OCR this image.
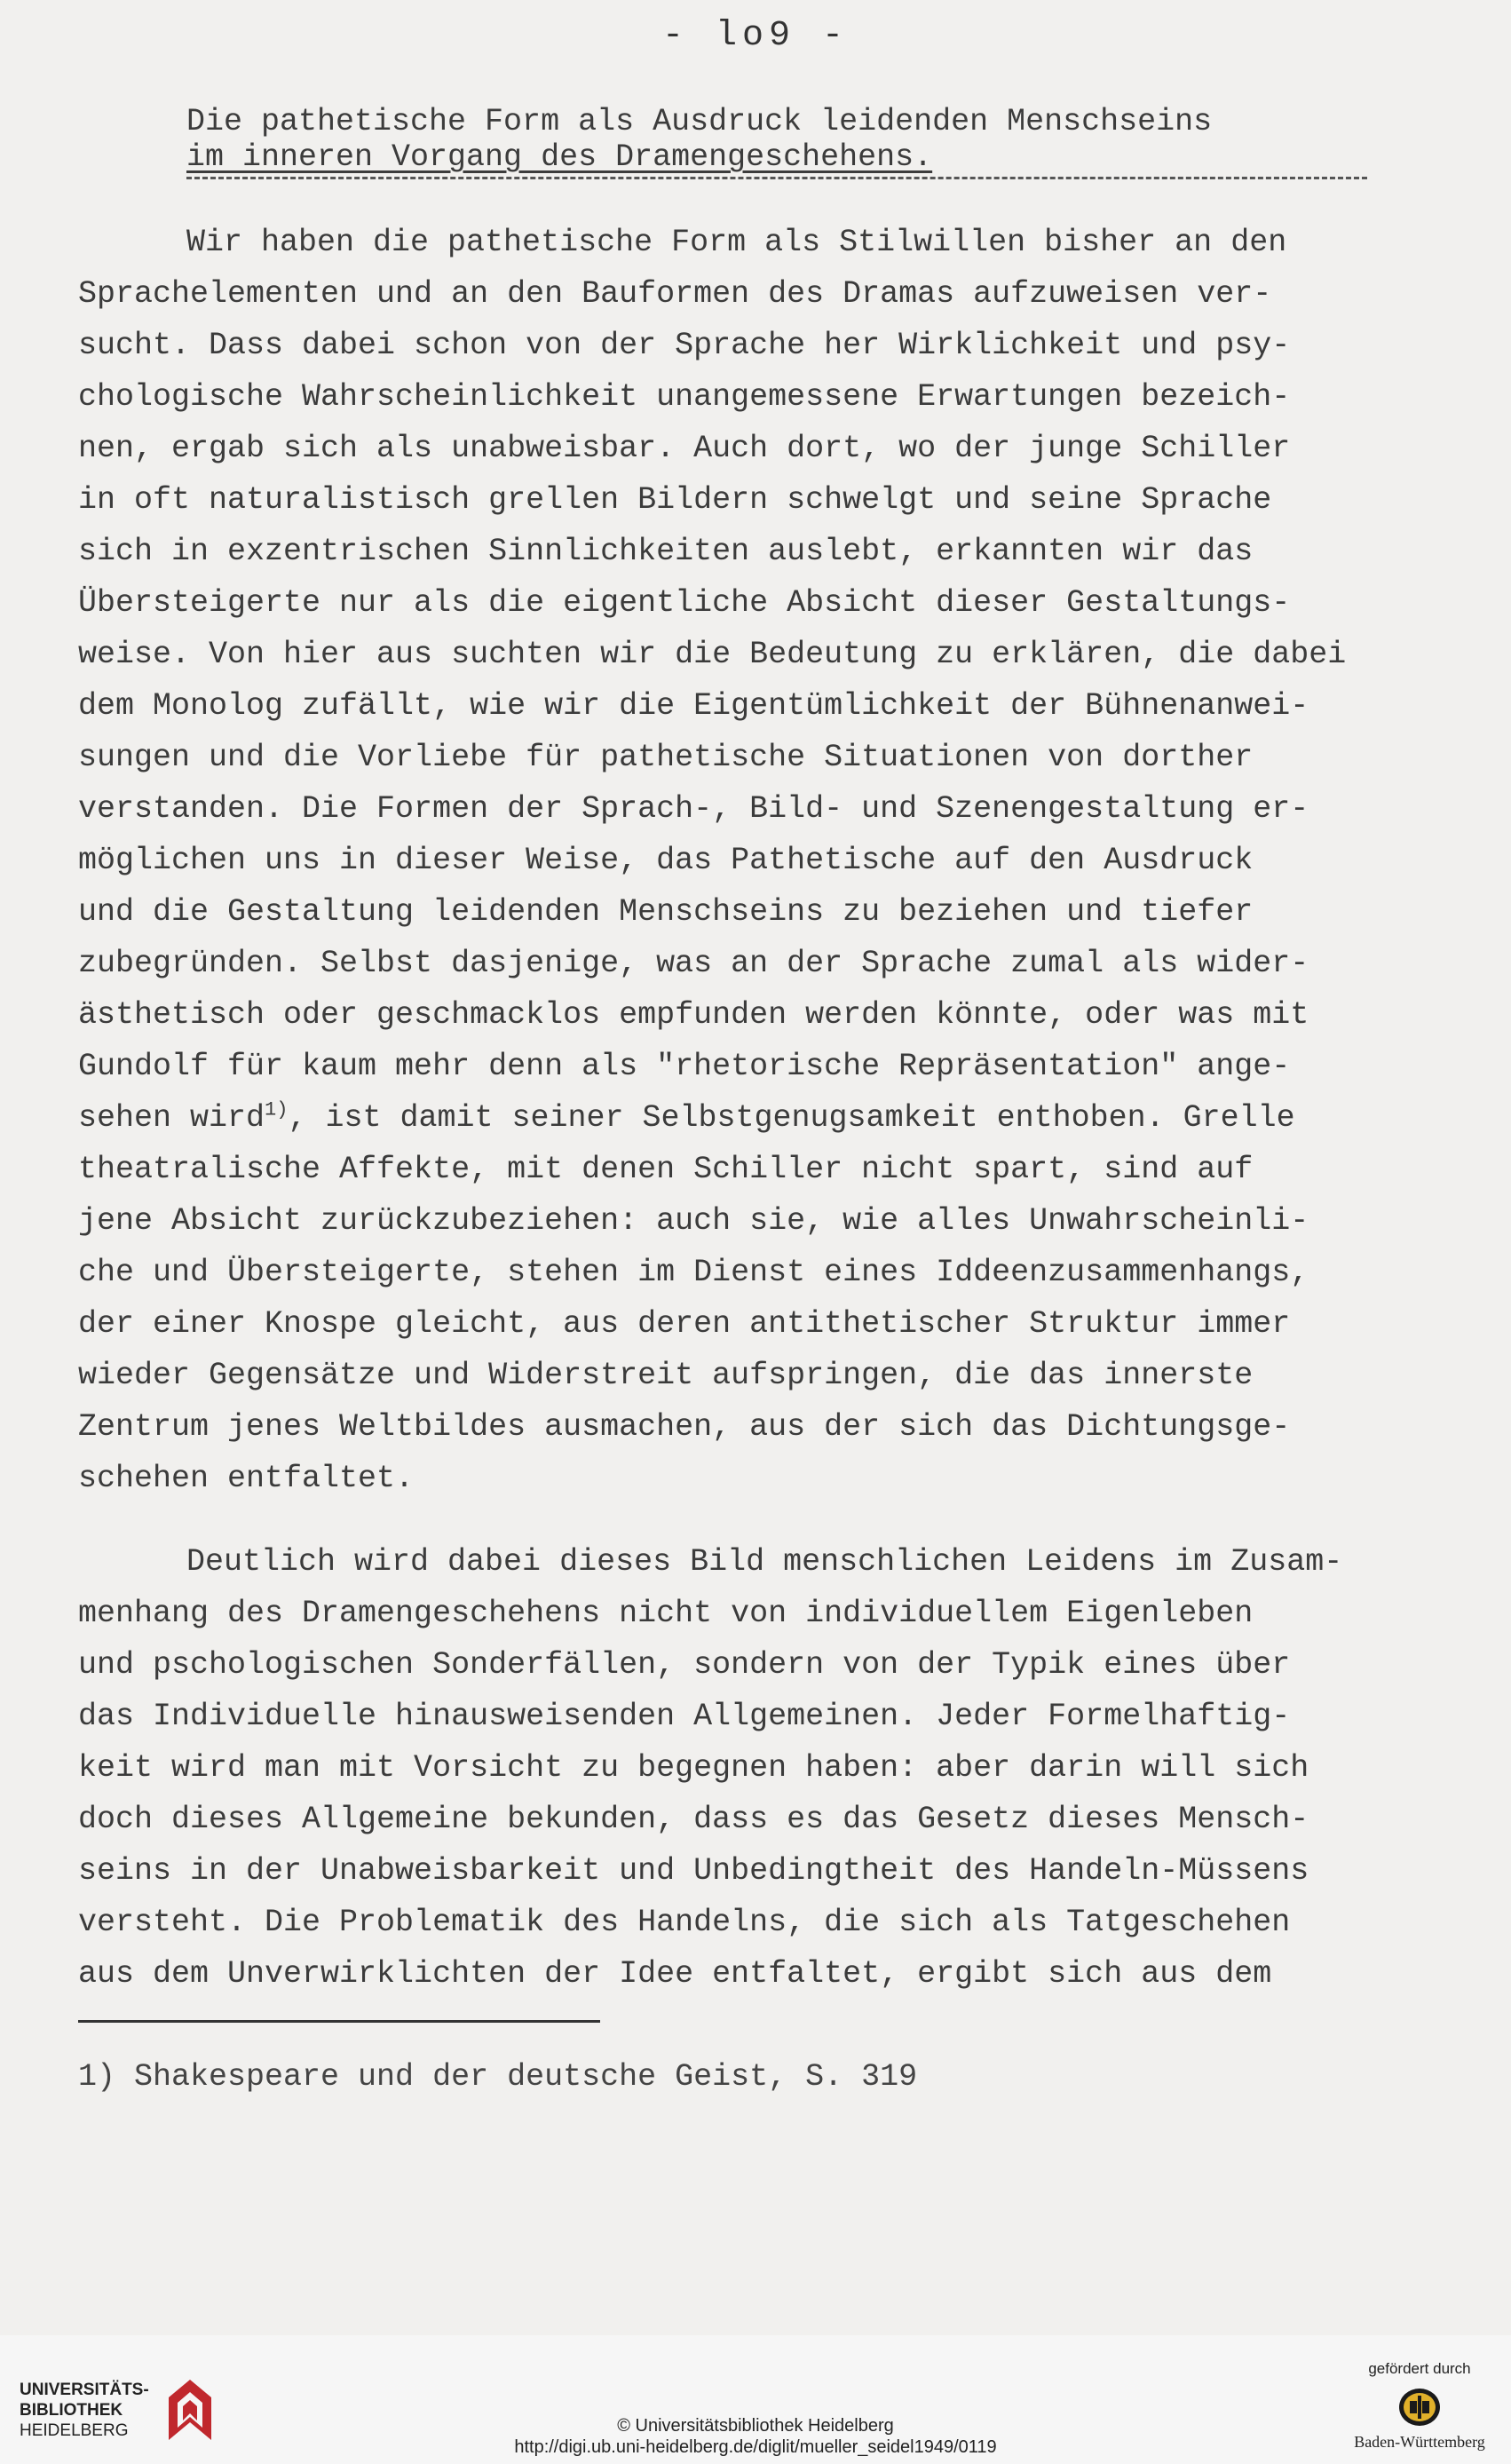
- lo9 -
Die pathetische Form als Ausdruck leidenden Menschseins
im inneren Vorgang des Dramengeschehens.
Wir haben die pathetische Form als Stilwillen bisher an den
Sprachelementen und an den Bauformen des Dramas aufzuweisen ver-
sucht. Dass dabei schon von der Sprache her Wirklichkeit und psy-
chologische Wahrscheinlichkeit unangemessene Erwartungen bezeich-
nen, ergab sich als unabweisbar. Auch dort, wo der junge Schiller
in oft naturalistisch grellen Bildern schwelgt und seine Sprache
sich in exzentrischen Sinnlichkeiten auslebt, erkannten wir das
Übersteigerte nur als die eigentliche Absicht dieser Gestaltungs-
weise. Von hier aus suchten wir die Bedeutung zu erklären, die dabei
dem Monolog zufällt, wie wir die Eigentümlichkeit der Bühnenanwei-
sungen und die Vorliebe für pathetische Situationen von dorther
verstanden. Die Formen der Sprach-, Bild- und Szenengestaltung er-
möglichen uns in dieser Weise, das Pathetische auf den Ausdruck
und die Gestaltung leidenden Menschseins zu beziehen und tiefer
zubegründen. Selbst dasjenige, was an der Sprache zumal als wider-
ästhetisch oder geschmacklos empfunden werden könnte, oder was mit
Gundolf für kaum mehr denn als "rhetorische Repräsentation" ange-
sehen wird$^{1)}$, ist damit seiner Selbstgenugsamkeit enthoben. Grelle
theatralische Affekte, mit denen Schiller nicht spart, sind auf
jene Absicht zurückzubeziehen: auch sie, wie alles Unwahrscheinli-
che und Übersteigerte, stehen im Dienst eines Iddeenzusammenhangs,
der einer Knospe gleicht, aus deren antithetischer Struktur immer
wieder Gegensätze und Widerstreit aufspringen, die das innerste
Zentrum jenes Weltbildes ausmachen, aus der sich das Dichtungsge-
schehen entfaltet.
Deutlich wird dabei dieses Bild menschlichen Leidens im Zusam-
menhang des Dramengeschehens nicht von individuellem Eigenleben
und pschologischen Sonderfällen, sondern von der Typik eines über
das Individuelle hinausweisenden Allgemeinen. Jeder Formelhaftig-
keit wird man mit Vorsicht zu begegnen haben: aber darin will sich
doch dieses Allgemeine bekunden, dass es das Gesetz dieses Mensch-
seins in der Unabweisbarkeit und Unbedingtheit des Handeln-Müssens
versteht. Die Problematik des Handelns, die sich als Tatgeschehen
aus dem Unverwirklichten der Idee entfaltet, ergibt sich aus dem
1) Shakespeare und der deutsche Geist, S. 319
UNIVERSITÄTS-
BIBLIOTHEK
HEIDELBERG	© Universitätsbibliothek Heidelberg
http://digi.ub.uni-heidelberg.de/diglit/mueller_seidel1949/0119
gefördert durch
Baden-Württemberg
